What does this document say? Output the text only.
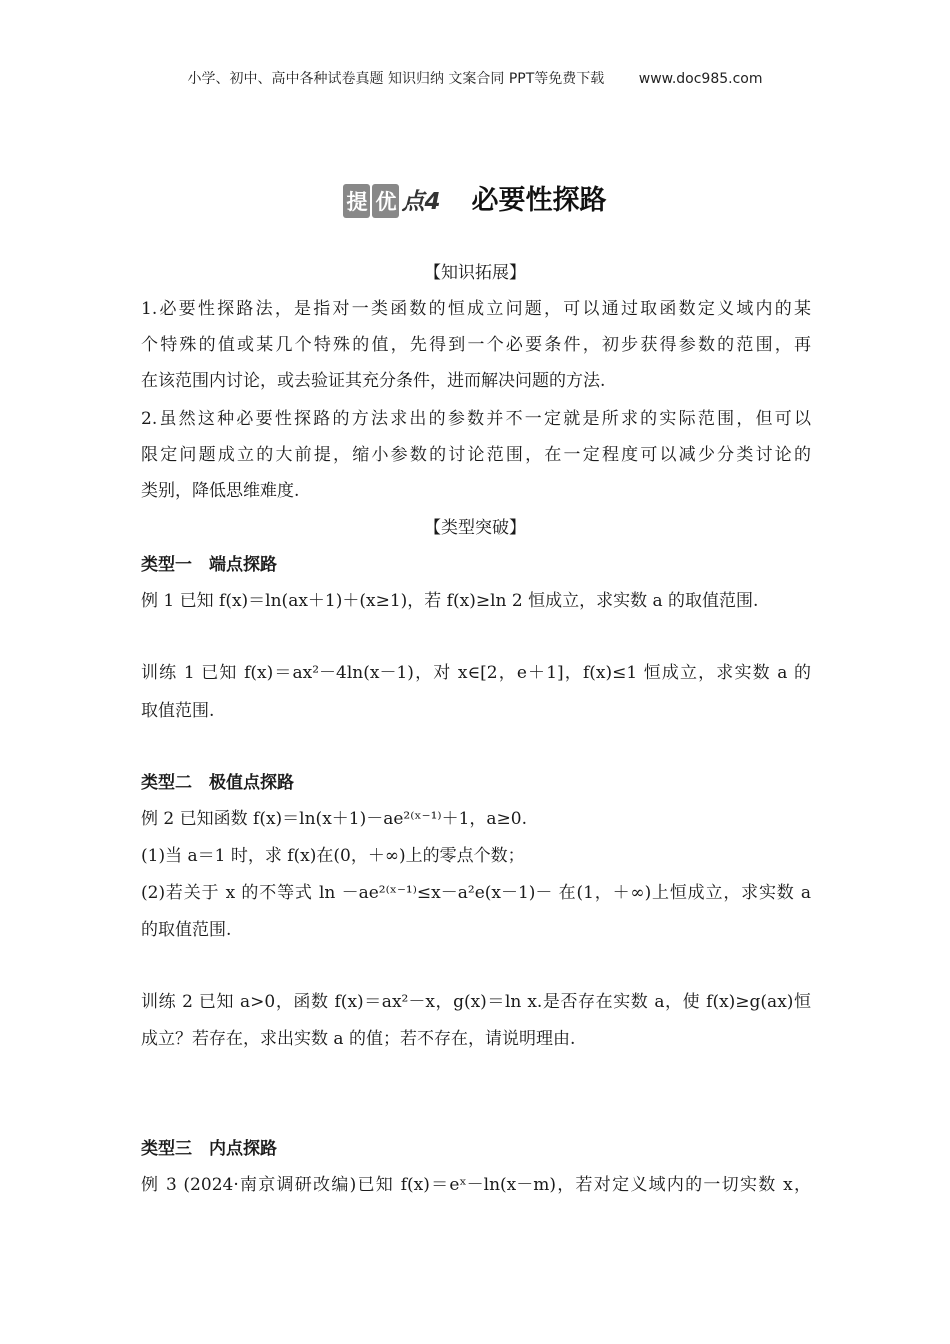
小学、初中、高中各种试卷真题 知识归纳 文案合同 PPT等免费下载 www.doc985.com
提 优 点4 必要性探路
【知识拓展】
1.必要性探路法，是指对一类函数的恒成立问题，可以通过取函数定义域内的某
个特殊的值或某几个特殊的值，先得到一个必要条件，初步获得参数的范围，再
在该范围内讨论，或去验证其充分条件，进而解决问题的方法.
2.虽然这种必要性探路的方法求出的参数并不一定就是所求的实际范围，但可以
限定问题成立的大前提，缩小参数的讨论范围，在一定程度可以减少分类讨论的
类别，降低思维难度.
【类型突破】
类型一　端点探路
例 1 已知 f(x)＝ln(ax＋1)＋(x≥1)，若 f(x)≥ln 2 恒成立，求实数 a 的取值范围.
训练 1 已知 f(x)＝ax²－4ln(x－1)，对 x∈[2，e＋1]，f(x)≤1 恒成立，求实数 a 的
取值范围.
类型二　极值点探路
例 2 已知函数 f(x)＝ln(x＋1)－ae²⁽ˣ⁻¹⁾＋1，a≥0.
(1)当 a＝1 时，求 f(x)在(0，＋∞)上的零点个数；
(2)若关于 x 的不等式 ln －ae²⁽ˣ⁻¹⁾≤x－a²e(x－1)－ 在(1，＋∞)上恒成立，求实数 a
的取值范围.
训练 2 已知 a>0，函数 f(x)＝ax²－x，g(x)＝ln x.是否存在实数 a，使 f(x)≥g(ax)恒
成立？若存在，求出实数 a 的值；若不存在，请说明理由.
类型三　内点探路
例 3 (2024·南京调研改编)已知 f(x)＝eˣ－ln(x－m)，若对定义域内的一切实数 x，
